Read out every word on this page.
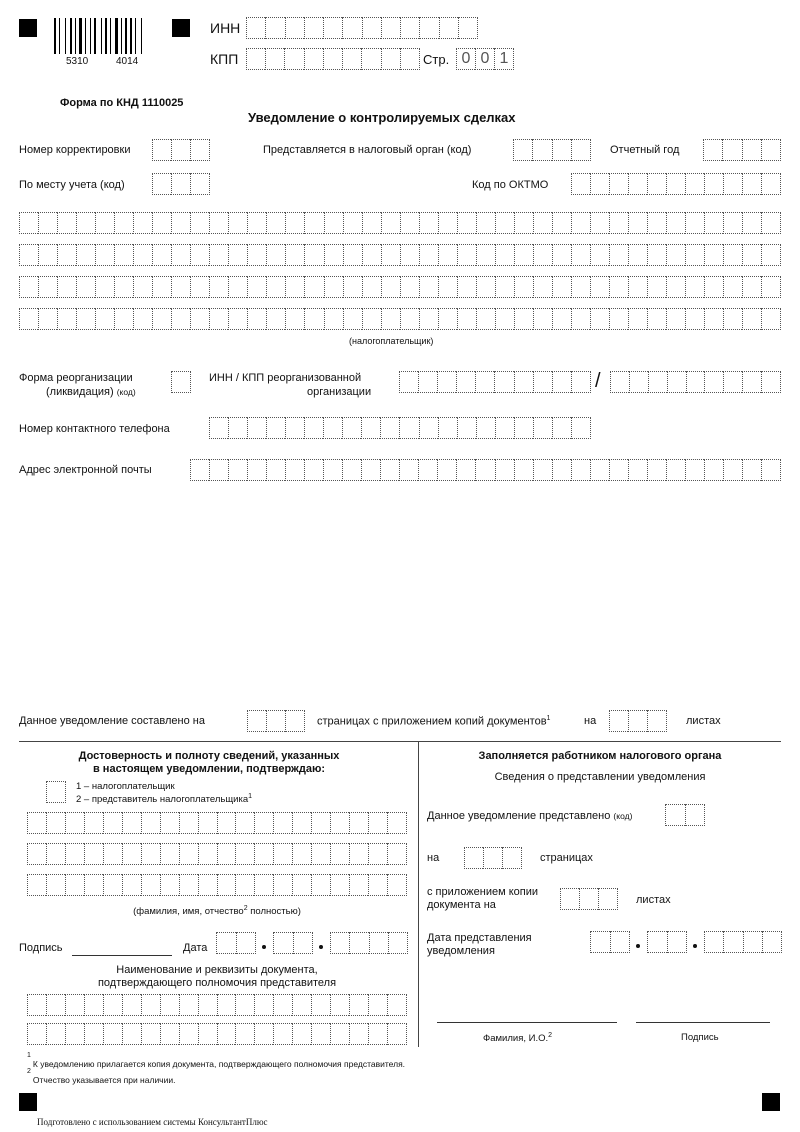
5310	4014
ИНН
КПП	Стр. 0 0 1
Форма по КНД 1110025
Уведомление о контролируемых сделках
Номер корректировки	Представляется в налоговый орган (код)	Отчетный год
По месту учета (код)	Код по ОКТМО
(налогоплательщик)
Форма реорганизации
(ликвидация) (код)
ИНН / КПП реорганизованной
организации	/
Номер контактного телефона
Адрес электронной почты
Данное уведомление составлено на	страницах с приложением копий документов$^1$	на	листах
Достоверность и полноту сведений, указанных
в настоящем уведомлении, подтверждаю:
1 – налогоплательщик
2 – представитель налогоплательщика$^1$
(фамилия, имя, отчество$^2$ полностью)
Подпись	Дата
Наименование и реквизиты документа,
подтверждающего полномочия представителя
Заполняется работником налогового органа
Сведения о представлении уведомления
Данное уведомление представлено (код)
на	страницах
с приложением копии
документа на	листах
Дата представления
уведомления
Фамилия, И.О.$^2$	Подпись
$^1$К уведомлению прилагается копия документа, подтверждающего полномочия представителя.
$^2$Отчество указывается при наличии.
Подготовлено с использованием системы КонсультантПлюс
